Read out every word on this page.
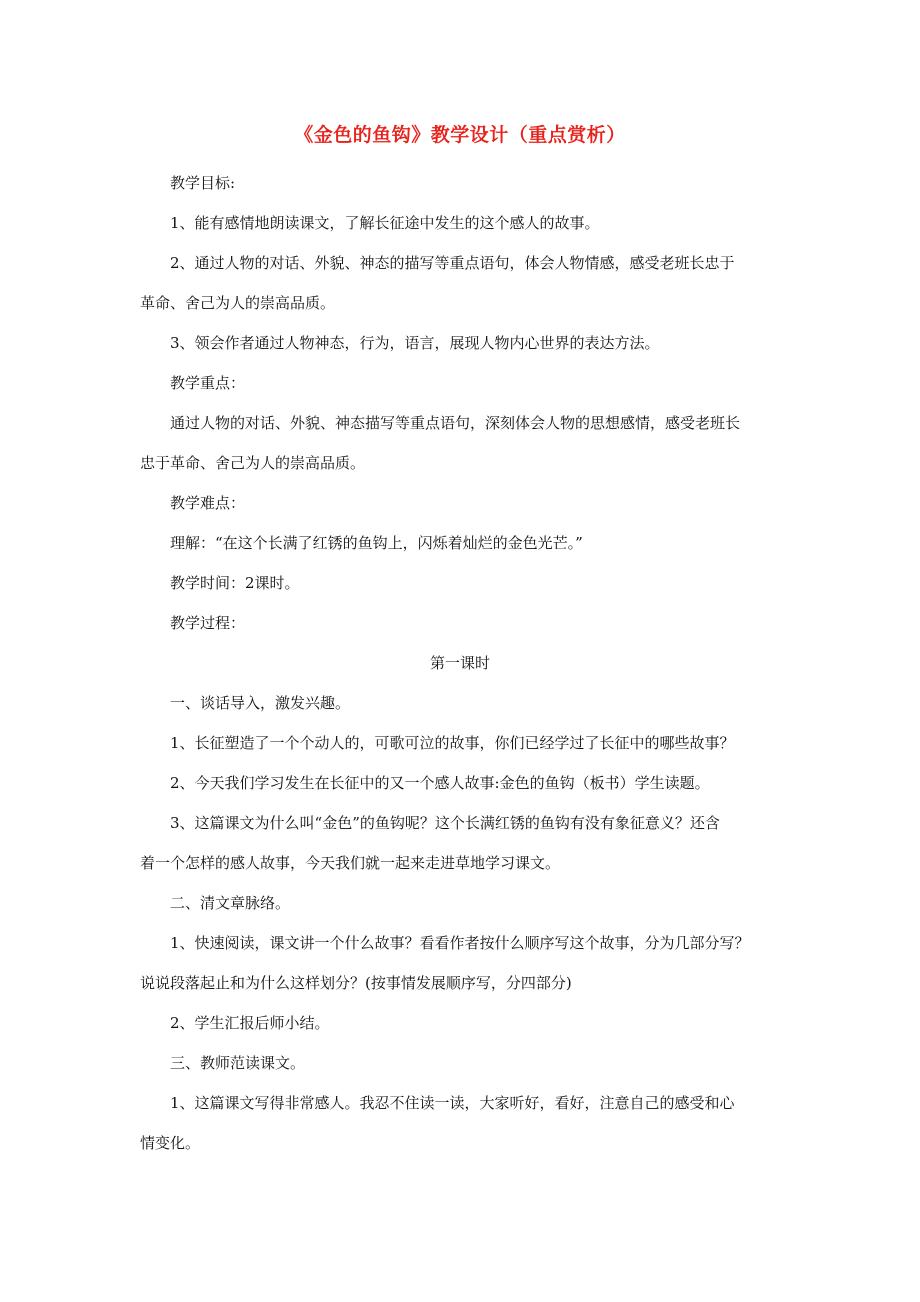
《金色的鱼钩》教学设计（重点赏析）
教学目标:
1、能有感情地朗读课文，了解长征途中发生的这个感人的故事。
2、通过人物的对话、外貌、神态的描写等重点语句，体会人物情感，感受老班长忠于
革命、舍己为人的崇高品质。
3、领会作者通过人物神态，行为，语言，展现人物内心世界的表达方法。
教学重点：
通过人物的对话、外貌、神态描写等重点语句，深刻体会人物的思想感情，感受老班长
忠于革命、舍己为人的崇高品质。
教学难点：
理解：“在这个长满了红锈的鱼钩上，闪烁着灿烂的金色光芒。”
教学时间：2课时。
教学过程：
第一课时
一、谈话导入，激发兴趣。
1、长征塑造了一个个动人的，可歌可泣的故事，你们已经学过了长征中的哪些故事？
2、今天我们学习发生在长征中的又一个感人故事:金色的鱼钩（板书）学生读题。
3、这篇课文为什么叫“金色”的鱼钩呢？这个长满红锈的鱼钩有没有象征意义？还含
着一个怎样的感人故事，今天我们就一起来走进草地学习课文。
二、清文章脉络。
1、快速阅读，课文讲一个什么故事？看看作者按什么顺序写这个故事，分为几部分写？
说说段落起止和为什么这样划分？(按事情发展顺序写，分四部分)
2、学生汇报后师小结。
三、教师范读课文。
1、这篇课文写得非常感人。我忍不住读一读，大家听好，看好，注意自己的感受和心
情变化。
